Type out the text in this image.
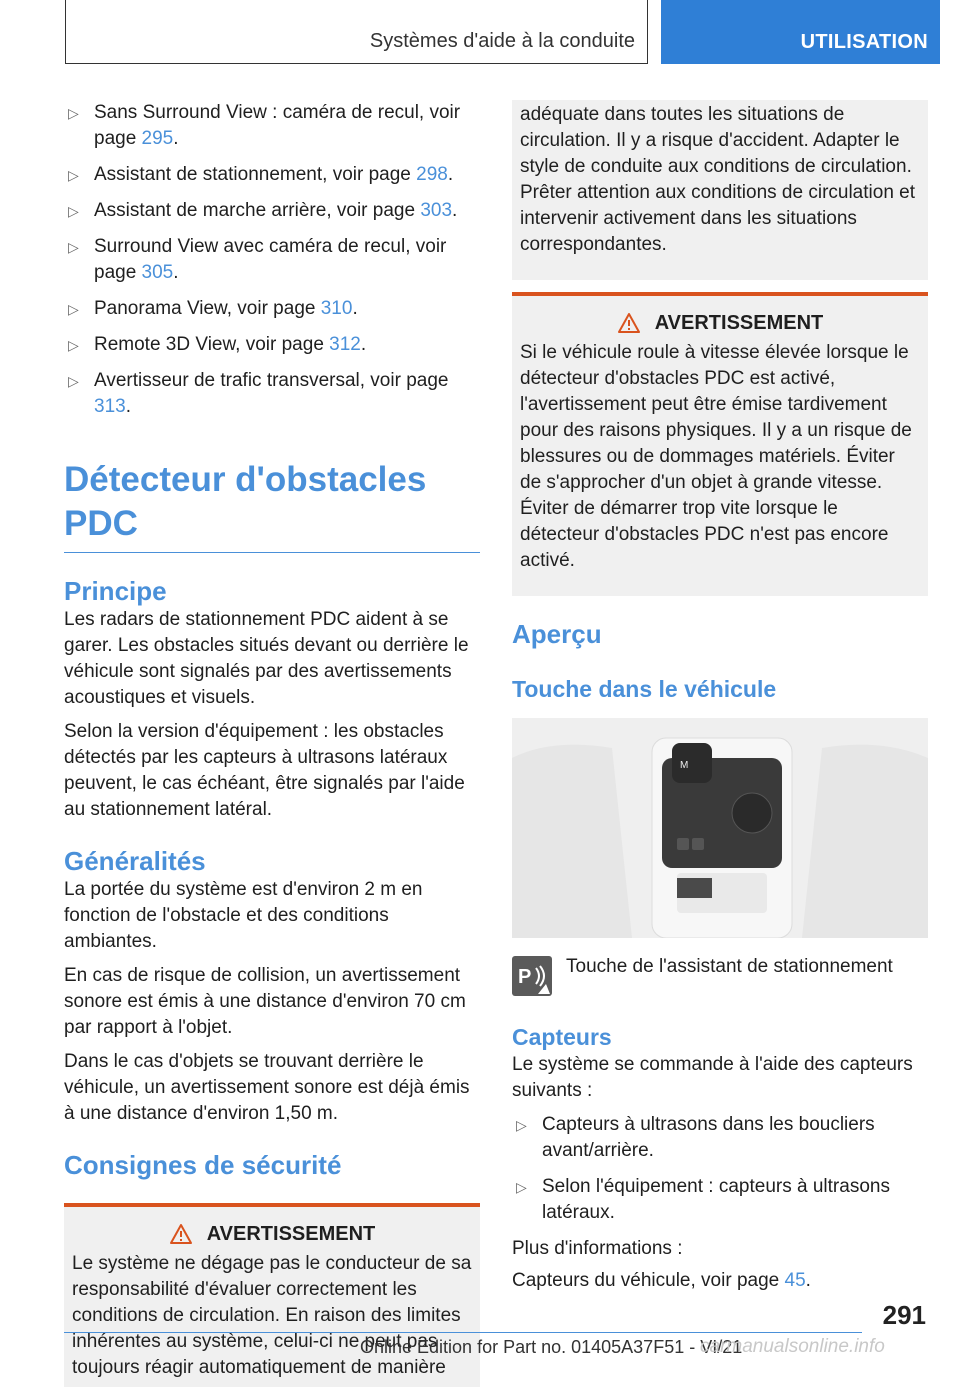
Systèmes d'aide à la conduite	UTILISATION
▷ Sans Surround View : caméra de recul, voir page 295.
▷ Assistant de stationnement, voir page 298.
▷ Assistant de marche arrière, voir page 303.
▷ Surround View avec caméra de recul, voir page 305.
▷ Panorama View, voir page 310.
▷ Remote 3D View, voir page 312.
▷ Avertisseur de trafic transversal, voir page 313.
Détecteur d'obstacles PDC
Principe

Les radars de stationnement PDC aident à se garer. Les obstacles situés devant ou derrière le véhicule sont signalés par des avertissements acoustiques et visuels.

Selon la version d'équipement : les obstacles détectés par les capteurs à ultrasons latéraux peuvent, le cas échéant, être signalés par l'aide au stationnement latéral.

Généralités

La portée du système est d'environ 2 m en fonction de l'obstacle et des conditions ambiantes.

En cas de risque de collision, un avertissement sonore est émis à une distance d'environ 70 cm par rapport à l'objet.

Dans le cas d'objets se trouvant derrière le véhicule, un avertissement sonore est déjà émis à une distance d'environ 1,50 m.

Consignes de sécurité
AVERTISSEMENT

Le système ne dégage pas le conducteur de sa responsabilité d'évaluer correctement les conditions de circulation. En raison des limites inhérentes au système, celui-ci ne peut pas toujours réagir automatiquement de manière

adéquate dans toutes les situations de circulation. Il y a risque d'accident. Adapter le style de conduite aux conditions de circulation. Prêter attention aux conditions de circulation et intervenir activement dans les situations correspondantes.

AVERTISSEMENT

Si le véhicule roule à vitesse élevée lorsque le détecteur d'obstacles PDC est activé, l'avertissement peut être émise tardivement pour des raisons physiques. Il y a un risque de blessures ou de dommages matériels. Éviter de s'approcher d'un objet à grande vitesse. Éviter de démarrer trop vite lorsque le détecteur d'obstacles PDC n'est pas encore activé.

Aperçu
Touche dans le véhicule
M
P Touche de l'assistant de stationnement

Capteurs

Le système se commande à l'aide des capteurs suivants :

▷ Capteurs à ultrasons dans les boucliers avant/arrière.
▷ Selon l'équipement : capteurs à ultrasons latéraux.

Plus d'informations :

Capteurs du véhicule, voir page 45.

291
Online Edition for Part no. 01405A37F51 - VI/21
carmanualsonline.info
